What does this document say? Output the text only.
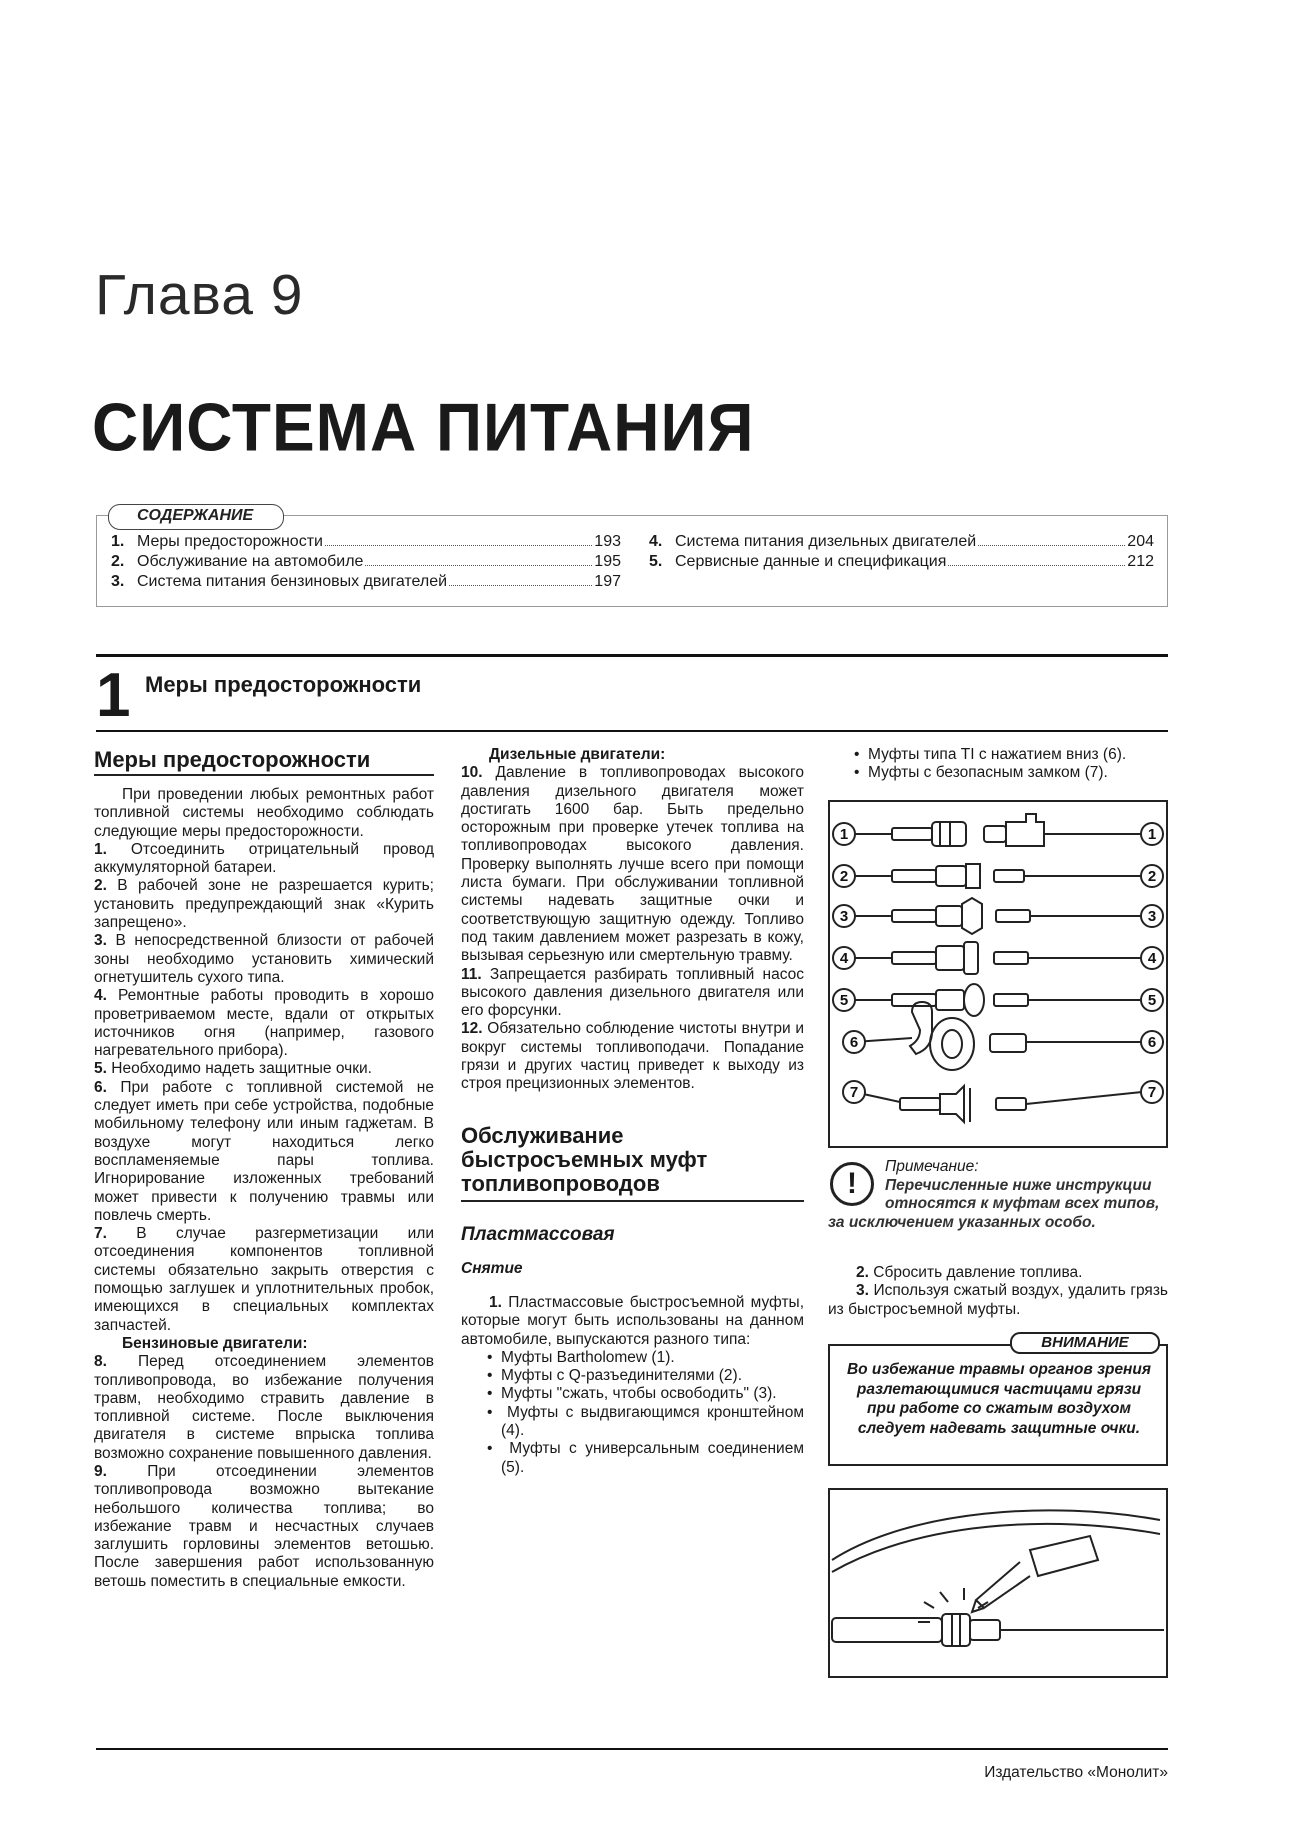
Глава 9
СИСТЕМА ПИТАНИЯ
1. Меры предосторожности	193
2. Обслуживание на автомобиле	195
3. Система питания бензиновых двигателей	197
4. Система питания дизельных двигателей	204
5. Сервисные данные и спецификация	212
СОДЕРЖАНИЕ
1 Меры предосторожности
Меры предосторожности

При проведении любых ремонтных работ топливной системы необходимо соблюдать следующие меры предосторожности.

1. Отсоединить отрицательный провод аккумуляторной батареи.

2. В рабочей зоне не разрешается курить; установить предупреждающий знак «Курить запрещено».

3. В непосредственной близости от рабочей зоны необходимо установить химический огнетушитель сухого типа.

4. Ремонтные работы проводить в хорошо проветриваемом месте, вдали от открытых источников огня (например, газового нагревательного прибора).

5. Необходимо надеть защитные очки.

6. При работе с топливной системой не следует иметь при себе устройства, подобные мобильному телефону или иным гаджетам. В воздухе могут находиться легко воспламеняемые пары топлива. Игнорирование изложенных требований может привести к получению травмы или повлечь смерть.

7. В случае разгерметизации или отсоединения компонентов топливной системы обязательно закрыть отверстия с помощью заглушек и уплотнительных пробок, имеющихся в специальных комплектах запчастей.

Бензиновые двигатели:

8. Перед отсоединением элементов топливопровода, во избежание получения травм, необходимо стравить давление в топливной системе. После выключения двигателя в системе впрыска топлива возможно сохранение повышенного давления.

9.	При отсоединении элементов топливопровода возможно вытекание небольшого количества топлива; во избежание травм и несчастных случаев заглушить горловины элементов ветошью. После завершения работ использованную ветошь поместить в специальные емкости.

Дизельные двигатели:

10. Давление в топливопроводах высокого давления дизельного двигателя может достигать 1600 бар. Быть предельно осторожным при проверке утечек топлива на топливопроводах высокого давления. Проверку выполнять лучше всего при помощи листа бумаги. При обслуживании топливной системы надевать защитные очки и соответствующую защитную одежду. Топливо под таким давлением может разрезать в кожу, вызывая серьезную или смертельную травму.

11. Запрещается разбирать топливный насос высокого давления дизельного двигателя или его форсунки.

12. Обязательно соблюдение чистоты внутри и вокруг системы топливоподачи. Попадание грязи и других частиц приведет к выходу из строя прецизионных элементов.

Обслуживание быстросъемных муфт топливопроводов
Пластмассовая
Снятие

1. Пластмассовые быстросъемной муфты, которые могут быть использованы на данном автомобиле, выпускаются разного типа:

•  Муфты Bartholomew (1).

•  Муфты с Q-разъединителями (2).

•  Муфты "сжать, чтобы освободить" (3).

•  Муфты с выдвигающимся кронштейном (4).

•  Муфты с универсальным соединением (5).

•  Муфты типа TI с нажатием вниз (6).

•  Муфты с безопасным замком (7).

1	1
2	2
3	3
4	4
5	5
6	6
7	7
!
Примечание:
Перечисленные ниже инструкции относятся к муфтам всех типов, за исключением указанных особо.

2. Сбросить давление топлива.

3. Используя сжатый воздух, удалить грязь из быстросъемной муфты.

ВНИМАНИЕ
Во избежание травмы органов зрения разлетающимися частицами грязи при работе со сжатым воздухом следует надевать защитные очки.
Издательство «Монолит»
